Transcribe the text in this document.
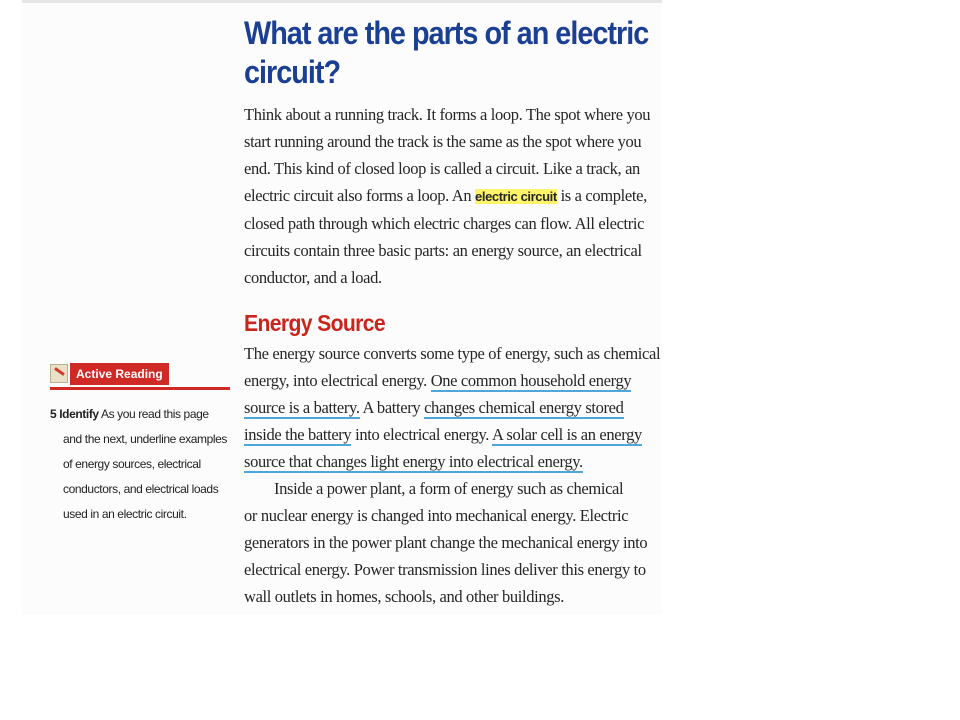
Active Reading
5 Identify As you read this page
and the next, underline examples
of energy sources, electrical
conductors, and electrical loads
used in an electric circuit.
What are the parts of an electric
circuit?

Think about a running track. It forms a loop. The spot where you
start running around the track is the same as the spot where you
end. This kind of closed loop is called a circuit. Like a track, an
electric circuit also forms a loop. An electric circuit is a complete,
closed path through which electric charges can flow. All electric
circuits contain three basic parts: an energy source, an electrical
conductor, and a load.

Energy Source

The energy source converts some type of energy, such as chemical
energy, into electrical energy. One common household energy
source is a battery. A battery changes chemical energy stored
inside the battery into electrical energy. A solar cell is an energy
source that changes light energy into electrical energy.
Inside a power plant, a form of energy such as chemical
or nuclear energy is changed into mechanical energy. Electric
generators in the power plant change the mechanical energy into
electrical energy. Power transmission lines deliver this energy to
wall outlets in homes, schools, and other buildings.
